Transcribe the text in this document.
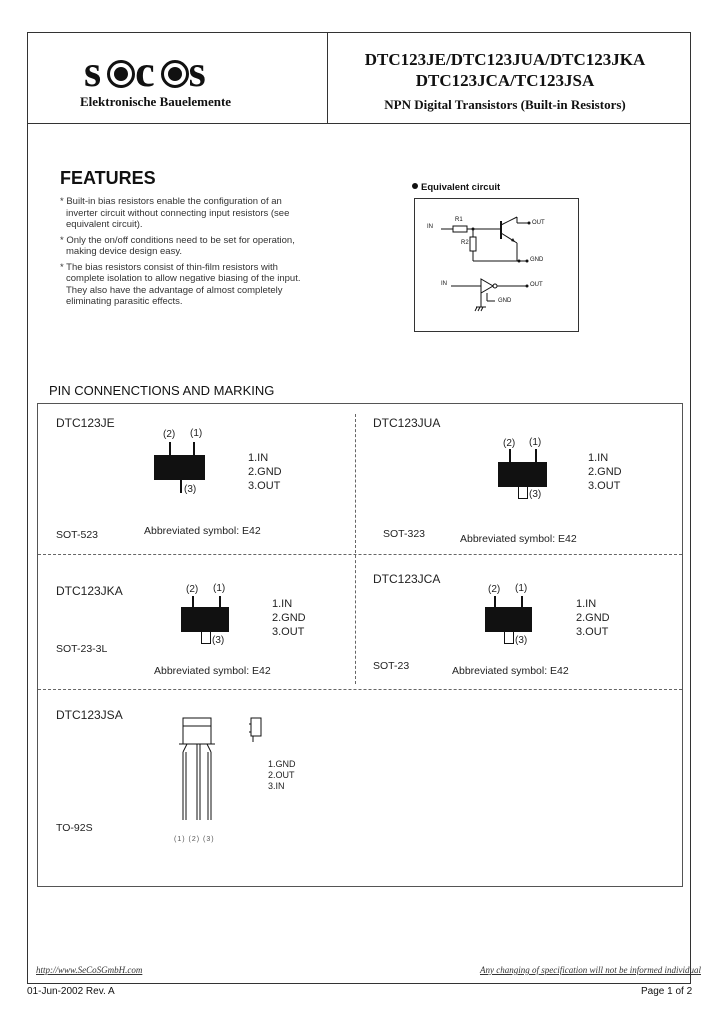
s c s
Elektronische Bauelemente
DTC123JE/DTC123JUA/DTC123JKA
DTC123JCA/TC123JSA
NPN Digital Transistors (Built-in Resistors)
FEATURES

* Built-in bias resistors enable the configuration of an inverter circuit without connecting input resistors (see equivalent circuit).

* Only the on/off conditions need to be set for operation, making device design easy.

* The bias resistors consist of thin-film resistors with complete isolation to allow negative biasing of the input. They also have the advantage of almost completely eliminating parasitic effects.

Equivalent circuit
IN
R1
R2
OUT
GND
IN	OUT
GND
PIN CONNENCTIONS AND MARKING
DTC123JE
(2) (1)
(3)
1.IN
2.GND
3.OUT
SOT-523	Abbreviated symbol: E42
DTC123JUA
(2) (1)
(3)
1.IN
2.GND
3.OUT
SOT-323	Abbreviated symbol: E42
DTC123JKA	(2) (1)
(3)
1.IN
2.GND
3.OUT
SOT-23-3L
Abbreviated symbol: E42
DTC123JCA
(2) (1)
(3)
1.IN
2.GND
3.OUT
SOT-23	Abbreviated symbol: E42
DTC123JSA
1.GND
2.OUT
3.IN
TO-92S
(1) (2) (3)
http://www.SeCoSGmbH.com	Any changing of specification will not be informed individual
01-Jun-2002 Rev. A	Page 1 of 2
